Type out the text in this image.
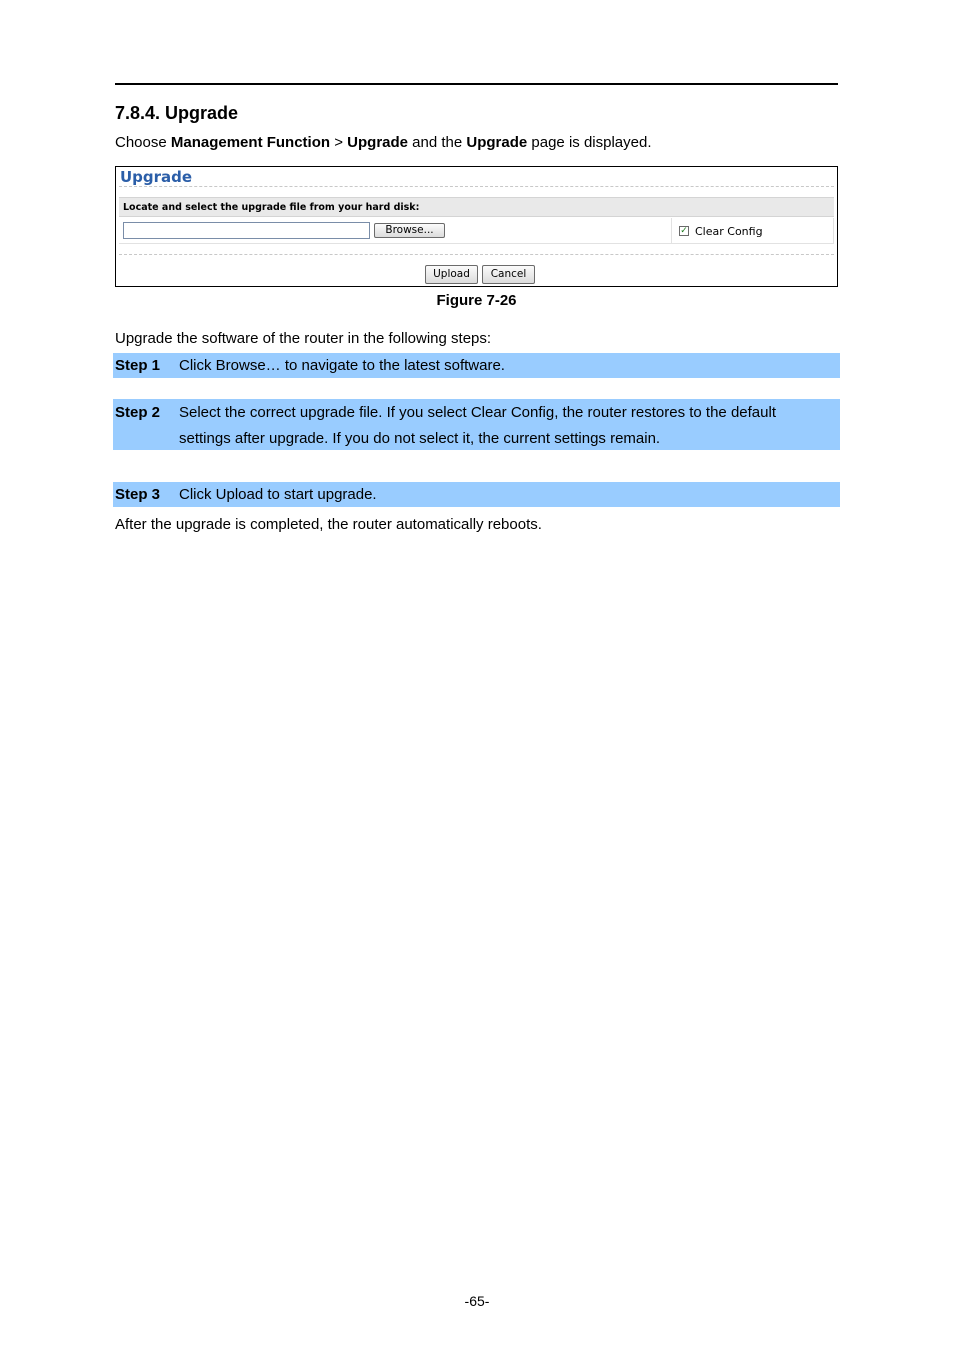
7.8.4. Upgrade
Choose Management Function > Upgrade and the Upgrade page is displayed.
Upgrade
Locate and select the upgrade file from your hard disk:
Browse...	✓ Clear Config
Upload	Cancel
Figure 7-26
Upgrade the software of the router in the following steps:
Step 1 Click Browse… to navigate to the latest software.
Step 2 Select the correct upgrade file. If you select Clear Config, the router restores to the default settings after upgrade. If you do not select it, the current settings remain.
Step 3 Click Upload to start upgrade.
After the upgrade is completed, the router automatically reboots.
-65-
